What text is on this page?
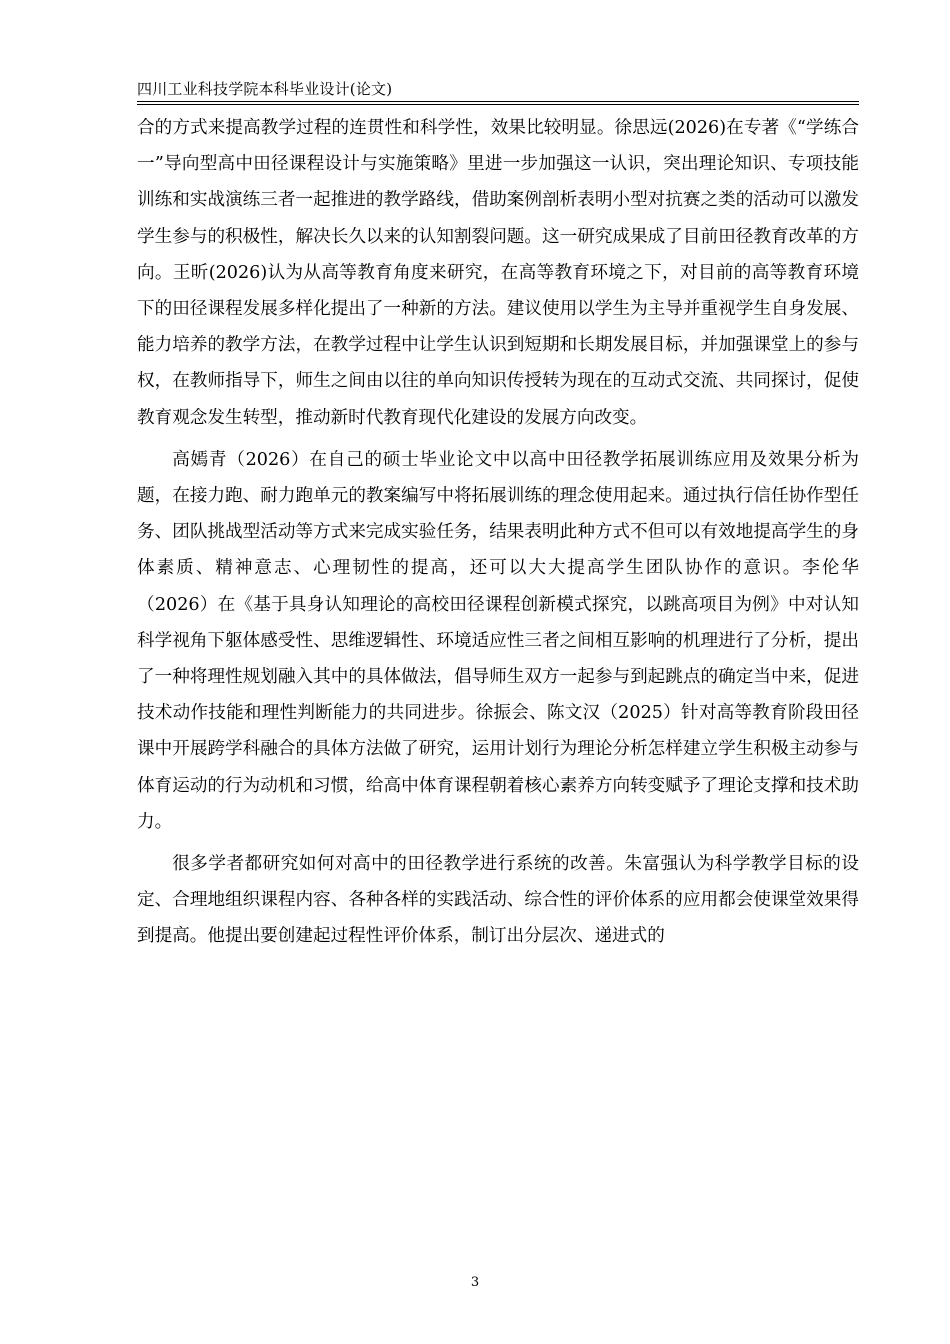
四川工业科技学院本科毕业设计(论文)

合的方式来提高教学过程的连贯性和科学性，效果比较明显。徐思远(2026)在专著《“学练合一”导向型高中田径课程设计与实施策略》里进一步加强这一认识，突出理论知识、专项技能训练和实战演练三者一起推进的教学路线，借助案例剖析表明小型对抗赛之类的活动可以激发学生参与的积极性，解决长久以来的认知割裂问题。这一研究成果成了目前田径教育改革的方向。王昕(2026)认为从高等教育角度来研究，在高等教育环境之下，对目前的高等教育环境下的田径课程发展多样化提出了一种新的方法。建议使用以学生为主导并重视学生自身发展、能力培养的教学方法，在教学过程中让学生认识到短期和长期发展目标，并加强课堂上的参与权，在教师指导下，师生之间由以往的单向知识传授转为现在的互动式交流、共同探讨，促使教育观念发生转型，推动新时代教育现代化建设的发展方向改变。

高嫣青（2026）在自己的硕士毕业论文中以高中田径教学拓展训练应用及效果分析为题，在接力跑、耐力跑单元的教案编写中将拓展训练的理念使用起来。通过执行信任协作型任务、团队挑战型活动等方式来完成实验任务，结果表明此种方式不但可以有效地提高学生的身体素质、精神意志、心理韧性的提高，还可以大大提高学生团队协作的意识。李伦华（2026）在《基于具身认知理论的高校田径课程创新模式探究，以跳高项目为例》中对认知科学视角下躯体感受性、思维逻辑性、环境适应性三者之间相互影响的机理进行了分析，提出了一种将理性规划融入其中的具体做法，倡导师生双方一起参与到起跳点的确定当中来，促进技术动作技能和理性判断能力的共同进步。徐振会、陈文汉（2025）针对高等教育阶段田径课中开展跨学科融合的具体方法做了研究，运用计划行为理论分析怎样建立学生积极主动参与体育运动的行为动机和习惯，给高中体育课程朝着核心素养方向转变赋予了理论支撑和技术助力。

很多学者都研究如何对高中的田径教学进行系统的改善。朱富强认为科学教学目标的设定、合理地组织课程内容、各种各样的实践活动、综合性的评价体系的应用都会使课堂效果得到提高。他提出要创建起过程性评价体系，制订出分层次、递进式的

3
